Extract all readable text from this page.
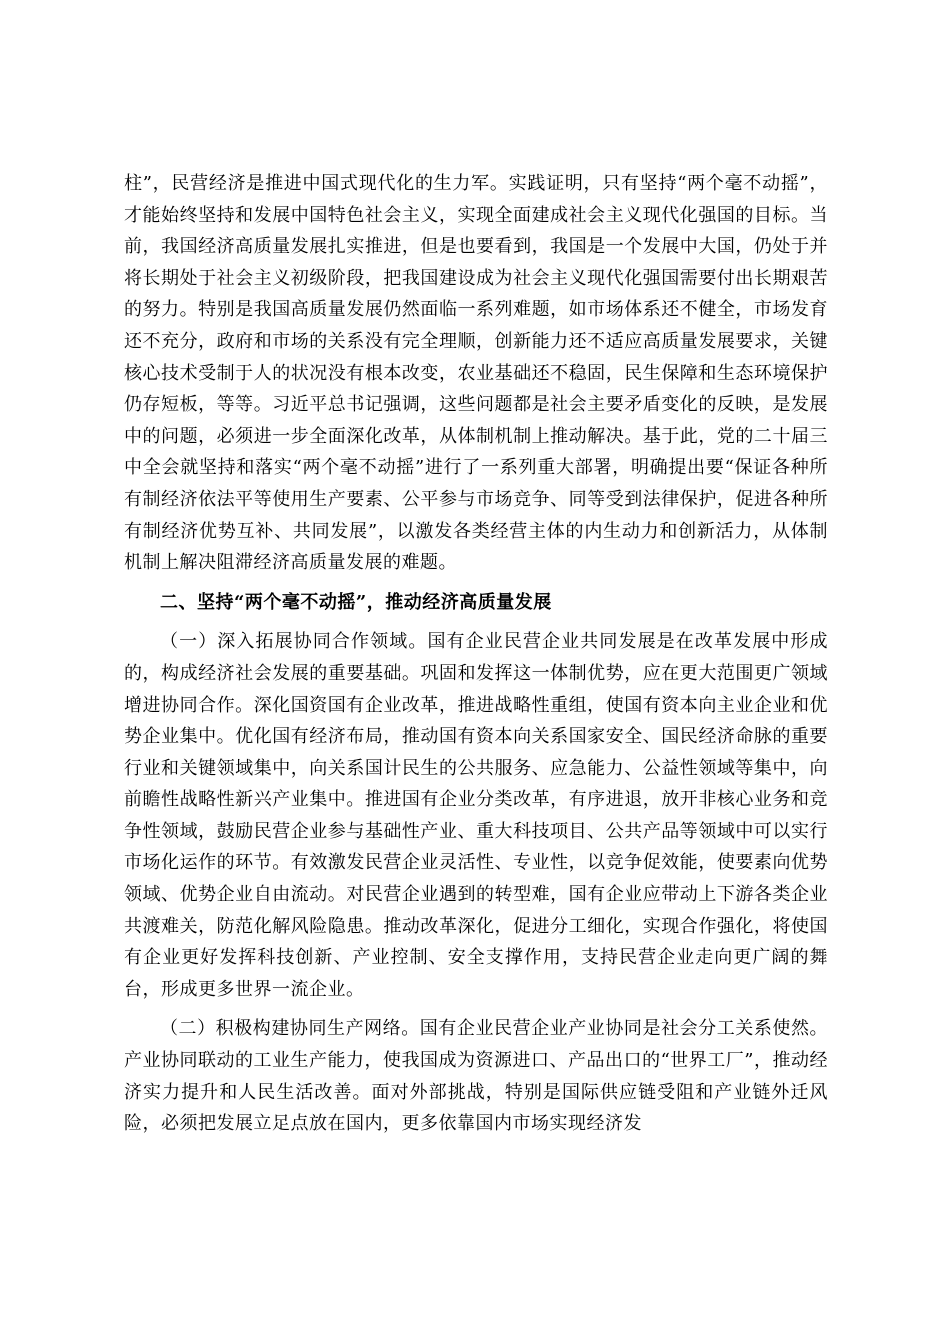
柱”，民营经济是推进中国式现代化的生力军。实践证明，只有坚持“两个毫不动摇”，才能始终坚持和发展中国特色社会主义，实现全面建成社会主义现代化强国的目标。当前，我国经济高质量发展扎实推进，但是也要看到，我国是一个发展中大国，仍处于并将长期处于社会主义初级阶段，把我国建设成为社会主义现代化强国需要付出长期艰苦的努力。特别是我国高质量发展仍然面临一系列难题，如市场体系还不健全，市场发育还不充分，政府和市场的关系没有完全理顺，创新能力还不适应高质量发展要求，关键核心技术受制于人的状况没有根本改变，农业基础还不稳固，民生保障和生态环境保护仍存短板，等等。习近平总书记强调，这些问题都是社会主要矛盾变化的反映，是发展中的问题，必须进一步全面深化改革，从体制机制上推动解决。基于此，党的二十届三中全会就坚持和落实“两个毫不动摇”进行了一系列重大部署，明确提出要“保证各种所有制经济依法平等使用生产要素、公平参与市场竞争、同等受到法律保护，促进各种所有制经济优势互补、共同发展”，以激发各类经营主体的内生动力和创新活力，从体制机制上解决阻滞经济高质量发展的难题。

二、坚持“两个毫不动摇”，推动经济高质量发展

（一）深入拓展协同合作领域。国有企业民营企业共同发展是在改革发展中形成的，构成经济社会发展的重要基础。巩固和发挥这一体制优势，应在更大范围更广领域增进协同合作。深化国资国有企业改革，推进战略性重组，使国有资本向主业企业和优势企业集中。优化国有经济布局，推动国有资本向关系国家安全、国民经济命脉的重要行业和关键领域集中，向关系国计民生的公共服务、应急能力、公益性领域等集中，向前瞻性战略性新兴产业集中。推进国有企业分类改革，有序进退，放开非核心业务和竞争性领域，鼓励民营企业参与基础性产业、重大科技项目、公共产品等领域中可以实行市场化运作的环节。有效激发民营企业灵活性、专业性，以竞争促效能，使要素向优势领域、优势企业自由流动。对民营企业遇到的转型难，国有企业应带动上下游各类企业共渡难关，防范化解风险隐患。推动改革深化，促进分工细化，实现合作强化，将使国有企业更好发挥科技创新、产业控制、安全支撑作用，支持民营企业走向更广阔的舞台，形成更多世界一流企业。

（二）积极构建协同生产网络。国有企业民营企业产业协同是社会分工关系使然。产业协同联动的工业生产能力，使我国成为资源进口、产品出口的“世界工厂”，推动经济实力提升和人民生活改善。面对外部挑战，特别是国际供应链受阻和产业链外迁风险，必须把发展立足点放在国内，更多依靠国内市场实现经济发
